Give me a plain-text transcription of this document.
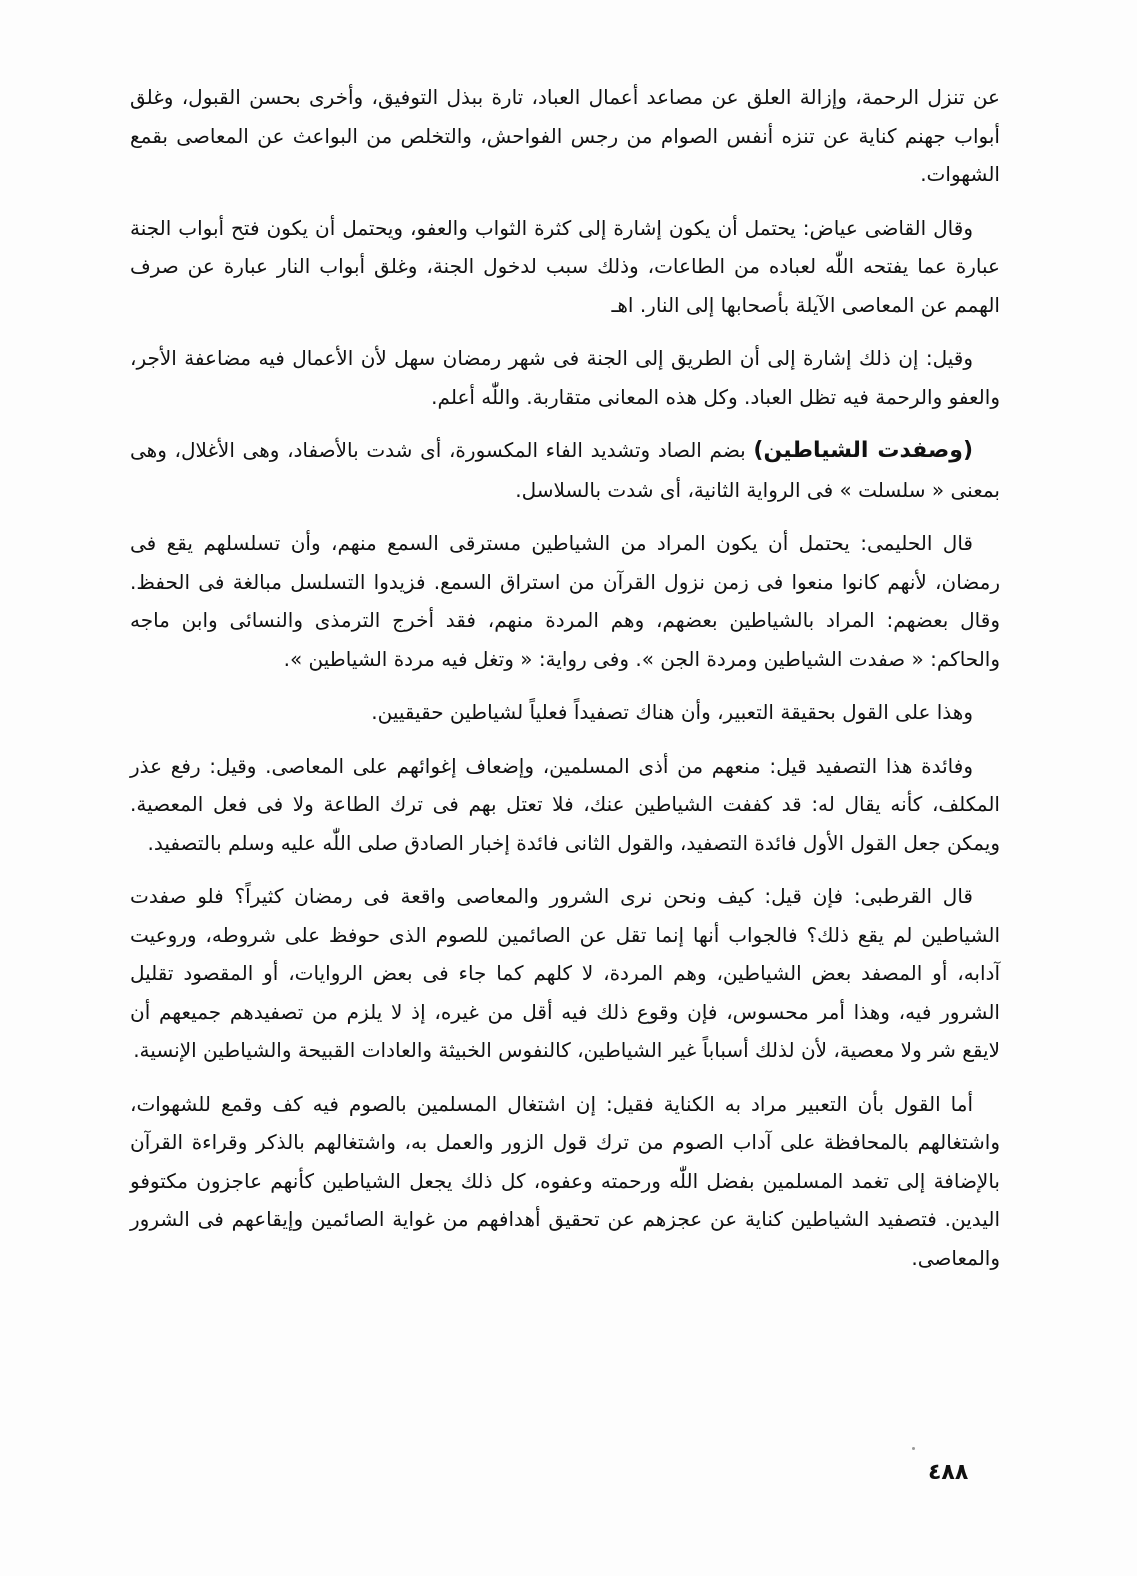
عن تنزل الرحمة، وإزالة العلق عن مصاعد أعمال العباد، تارة ببذل التوفيق، وأخرى بحسن القبول، وغلق أبواب جهنم كناية عن تنزه أنفس الصوام من رجس الفواحش، والتخلص من البواعث عن المعاصى بقمع الشهوات.

وقال القاضى عياض: يحتمل أن يكون إشارة إلى كثرة الثواب والعفو، ويحتمل أن يكون فتح أبواب الجنة عبارة عما يفتحه اللّٰه لعباده من الطاعات، وذلك سبب لدخول الجنة، وغلق أبواب النار عبارة عن صرف الهمم عن المعاصى الآيلة بأصحابها إلى النار. اهـ

وقيل: إن ذلك إشارة إلى أن الطريق إلى الجنة فى شهر رمضان سهل لأن الأعمال فيه مضاعفة الأجر، والعفو والرحمة فيه تظل العباد. وكل هذه المعانى متقاربة. واللّٰه أعلم.

(وصفدت الشياطين) بضم الصاد وتشديد الفاء المكسورة، أى شدت بالأصفاد، وهى الأغلال، وهى بمعنى « سلسلت » فى الرواية الثانية، أى شدت بالسلاسل.

قال الحليمى: يحتمل أن يكون المراد من الشياطين مسترقى السمع منهم، وأن تسلسلهم يقع فى رمضان، لأنهم كانوا منعوا فى زمن نزول القرآن من استراق السمع. فزيدوا التسلسل مبالغة فى الحفظ. وقال بعضهم: المراد بالشياطين بعضهم، وهم المردة منهم، فقد أخرج الترمذى والنسائى وابن ماجه والحاكم: « صفدت الشياطين ومردة الجن ». وفى رواية: « وتغل فيه مردة الشياطين ».

وهذا على القول بحقيقة التعبير، وأن هناك تصفيداً فعلياً لشياطين حقيقيين.

وفائدة هذا التصفيد قيل: منعهم من أذى المسلمين، وإضعاف إغوائهم على المعاصى. وقيل: رفع عذر المكلف، كأنه يقال له: قد كففت الشياطين عنك، فلا تعتل بهم فى ترك الطاعة ولا فى فعل المعصية. ويمكن جعل القول الأول فائدة التصفيد، والقول الثانى فائدة إخبار الصادق صلى اللّٰه عليه وسلم بالتصفيد.

قال القرطبى: فإن قيل: كيف ونحن نرى الشرور والمعاصى واقعة فى رمضان كثيراً؟ فلو صفدت الشياطين لم يقع ذلك؟ فالجواب أنها إنما تقل عن الصائمين للصوم الذى حوفظ على شروطه، وروعيت آدابه، أو المصفد بعض الشياطين، وهم المردة، لا كلهم كما جاء فى بعض الروايات، أو المقصود تقليل الشرور فيه، وهذا أمر محسوس، فإن وقوع ذلك فيه أقل من غيره، إذ لا يلزم من تصفيدهم جميعهم أن لايقع شر ولا معصية، لأن لذلك أسباباً غير الشياطين، كالنفوس الخبيثة والعادات القبيحة والشياطين الإنسية.

أما القول بأن التعبير مراد به الكناية فقيل: إن اشتغال المسلمين بالصوم فيه كف وقمع للشهوات، واشتغالهم بالمحافظة على آداب الصوم من ترك قول الزور والعمل به، واشتغالهم بالذكر وقراءة القرآن بالإضافة إلى تغمد المسلمين بفضل اللّٰه ورحمته وعفوه، كل ذلك يجعل الشياطين كأنهم عاجزون مكتوفو اليدين. فتصفيد الشياطين كناية عن عجزهم عن تحقيق أهدافهم من غواية الصائمين وإيقاعهم فى الشرور والمعاصى.

٤٨٨
